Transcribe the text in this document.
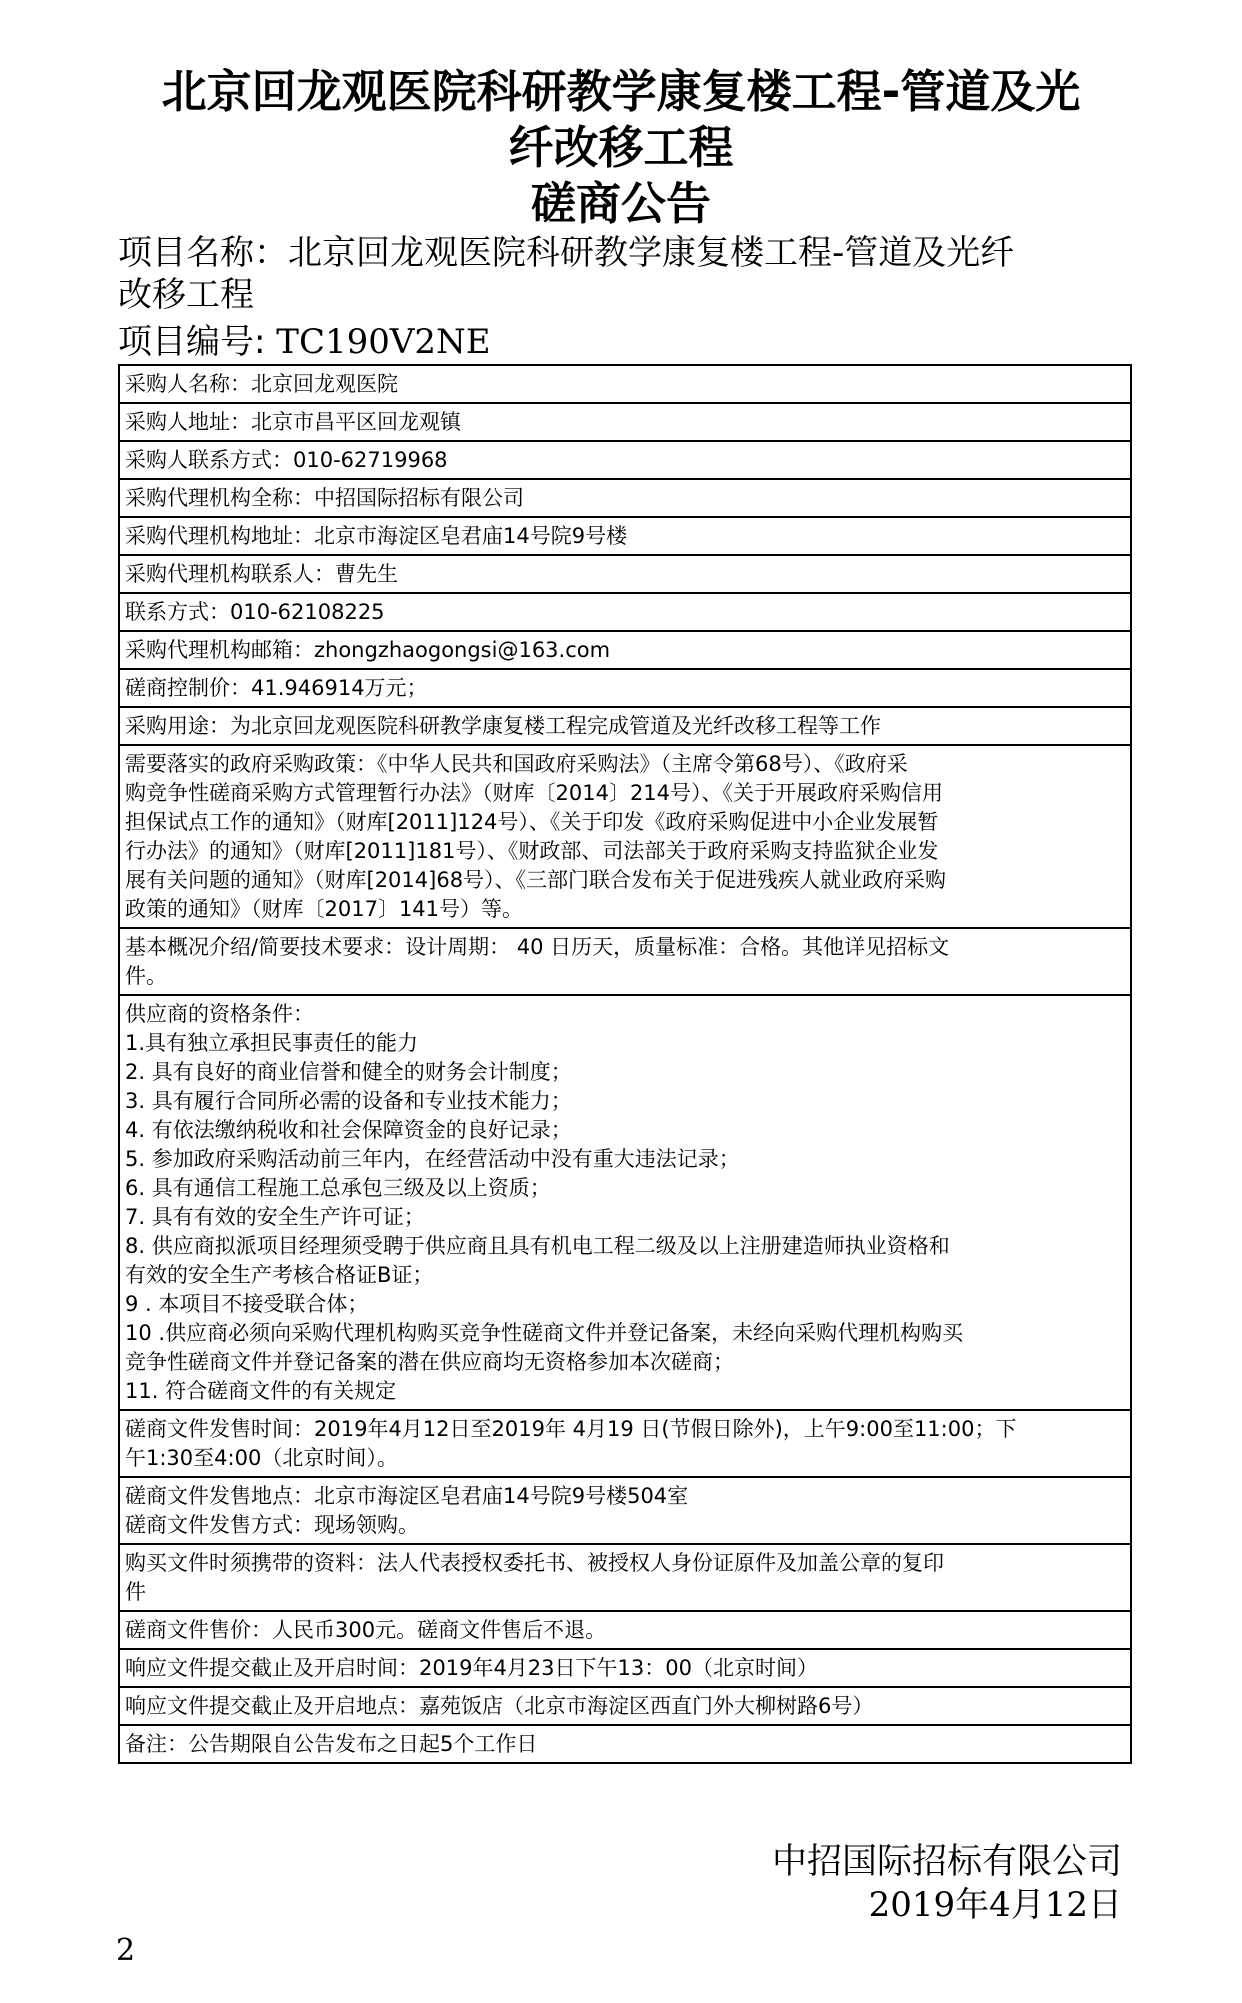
北京回龙观医院科研教学康复楼工程-管道及光
纤改移工程
磋商公告
项目名称：北京回龙观医院科研教学康复楼工程-管道及光纤
改移工程
项目编号: TC190V2NE
采购人名称：北京回龙观医院

采购人地址：北京市昌平区回龙观镇

采购人联系方式：010-62719968

采购代理机构全称：中招国际招标有限公司

采购代理机构地址：北京市海淀区皂君庙14号院9号楼

采购代理机构联系人：曹先生

联系方式：010-62108225

采购代理机构邮箱：zhongzhaogongsi@163.com

磋商控制价：41.946914万元；

采购用途：为北京回龙观医院科研教学康复楼工程完成管道及光纤改移工程等工作

需要落实的政府采购政策：《中华人民共和国政府采购法》（主席令第68号）、《政府采
购竞争性磋商采购方式管理暂行办法》（财库〔2014〕214号）、《关于开展政府采购信用
担保试点工作的通知》（财库[2011]124号）、《关于印发《政府采购促进中小企业发展暂
行办法》的通知》（财库[2011]181号）、《财政部、司法部关于政府采购支持监狱企业发
展有关问题的通知》（财库[2014]68号）、《三部门联合发布关于促进残疾人就业政府采购
政策的通知》（财库〔2017〕141号）等。

基本概况介绍/简要技术要求：设计周期： 40 日历天，质量标准：合格。其他详见招标文
件。

供应商的资格条件：
1.具有独立承担民事责任的能力
2. 具有良好的商业信誉和健全的财务会计制度；
3. 具有履行合同所必需的设备和专业技术能力；
4. 有依法缴纳税收和社会保障资金的良好记录；
5. 参加政府采购活动前三年内，在经营活动中没有重大违法记录；
6. 具有通信工程施工总承包三级及以上资质；
7. 具有有效的安全生产许可证；
8. 供应商拟派项目经理须受聘于供应商且具有机电工程二级及以上注册建造师执业资格和
有效的安全生产考核合格证B证；
9 . 本项目不接受联合体；
10 .供应商必须向采购代理机构购买竞争性磋商文件并登记备案，未经向采购代理机构购买
竞争性磋商文件并登记备案的潜在供应商均无资格参加本次磋商；
11. 符合磋商文件的有关规定

磋商文件发售时间：2019年4月12日至2019年 4月19 日(节假日除外)，上午9:00至11:00；下
午1:30至4:00（北京时间）。

磋商文件发售地点：北京市海淀区皂君庙14号院9号楼504室
磋商文件发售方式：现场领购。

购买文件时须携带的资料：法人代表授权委托书、被授权人身份证原件及加盖公章的复印
件

磋商文件售价：人民币300元。磋商文件售后不退。

响应文件提交截止及开启时间：2019年4月23日下午13：00（北京时间）

响应文件提交截止及开启地点：嘉苑饭店（北京市海淀区西直门外大柳树路6号）

备注：公告期限自公告发布之日起5个工作日
中招国际招标有限公司
2019年4月12日
2
